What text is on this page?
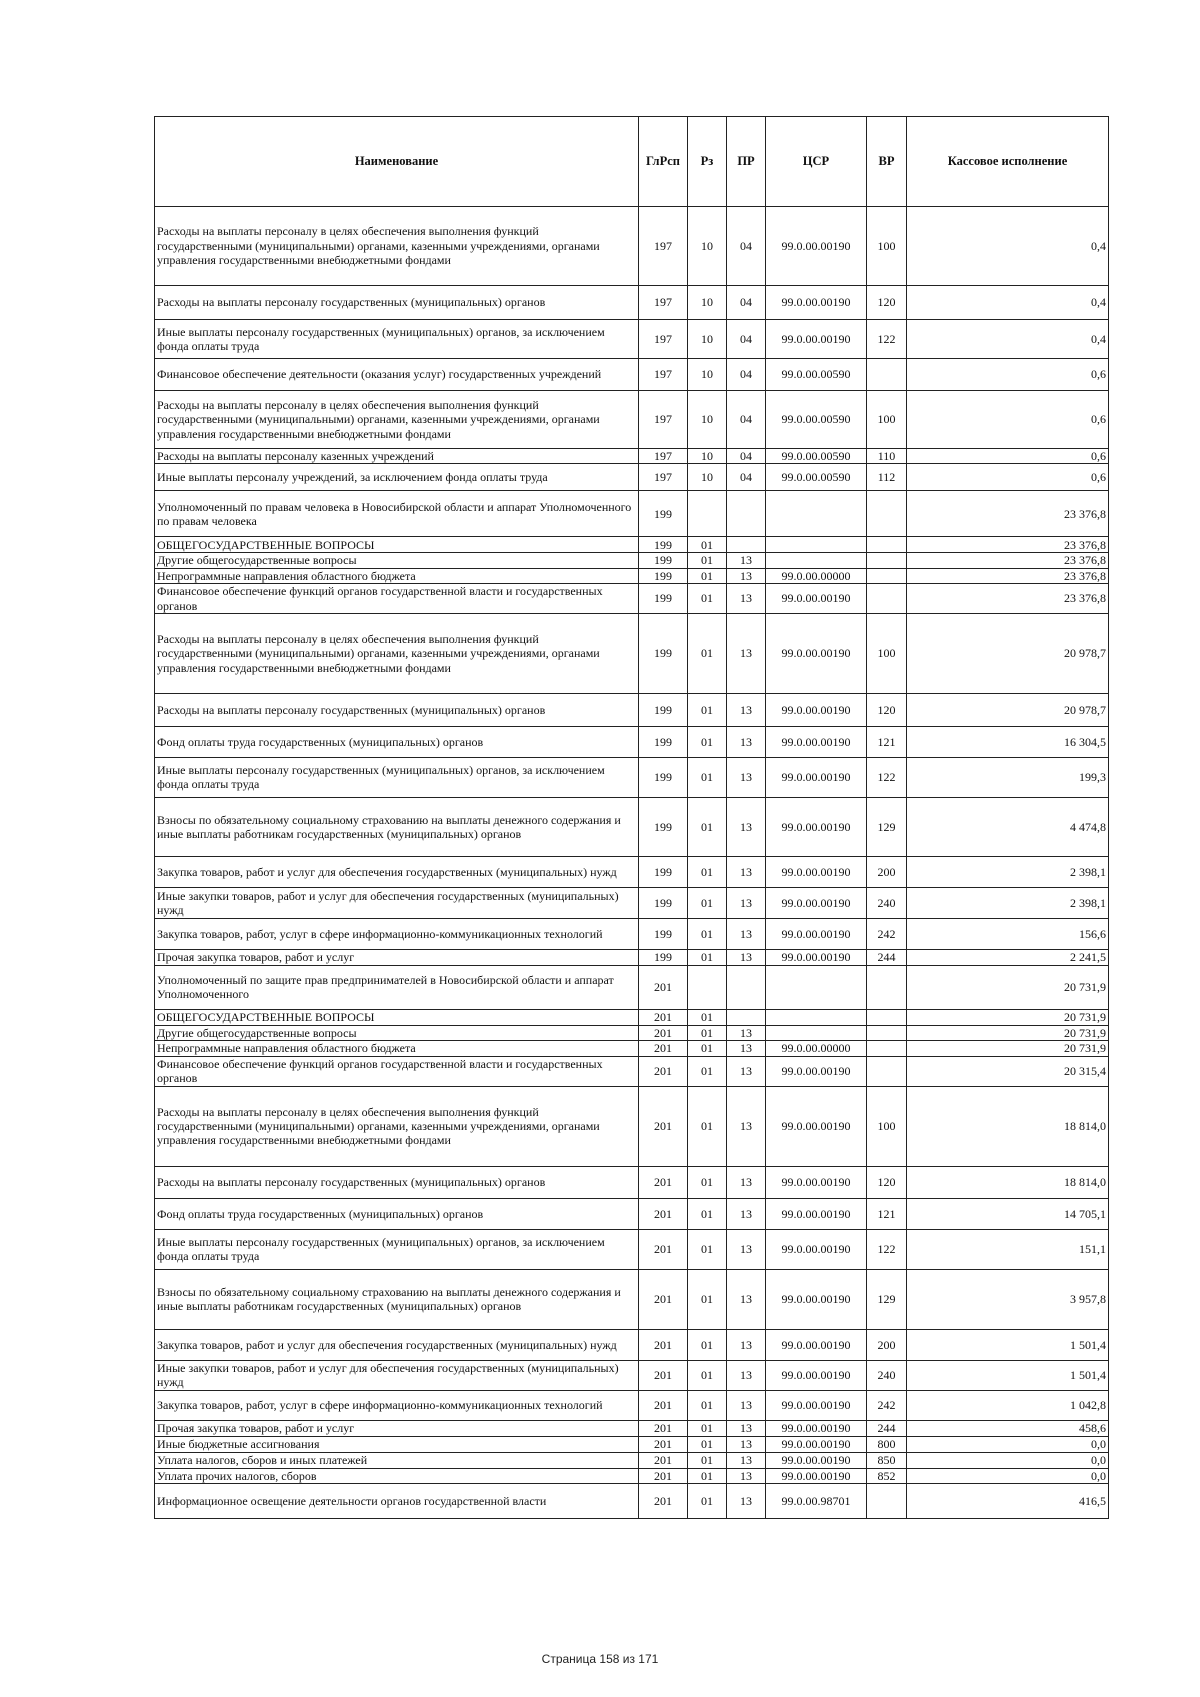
Наименование	ГлРсп	Рз	ПР	ЦСР	ВР	Кассовое исполнение
Расходы на выплаты персоналу в целях обеспечения выполнения функций государственными (муниципальными) органами, казенными учреждениями, органами управления государственными внебюджетными фондами	197	10	04	99.0.00.00190	100	0,4
Расходы на выплаты персоналу государственных (муниципальных) органов	197	10	04	99.0.00.00190	120	0,4
Иные выплаты персоналу государственных (муниципальных) органов, за исключением фонда оплаты труда	197	10	04	99.0.00.00190	122	0,4
Финансовое обеспечение деятельности (оказания услуг) государственных учреждений	197	10	04	99.0.00.00590		0,6
Расходы на выплаты персоналу в целях обеспечения выполнения функций государственными (муниципальными) органами, казенными учреждениями, органами управления государственными внебюджетными фондами	197	10	04	99.0.00.00590	100	0,6
Расходы на выплаты персоналу казенных учреждений	197	10	04	99.0.00.00590	110	0,6
Иные выплаты персоналу учреждений, за исключением фонда оплаты труда	197	10	04	99.0.00.00590	112	0,6
Уполномоченный по правам человека в Новосибирской области и аппарат Уполномоченного по правам человека	199					23 376,8
ОБЩЕГОСУДАРСТВЕННЫЕ ВОПРОСЫ	199	01				23 376,8
Другие общегосударственные вопросы	199	01	13			23 376,8
Непрограммные направления областного бюджета	199	01	13	99.0.00.00000		23 376,8
Финансовое обеспечение функций органов государственной власти и государственных органов	199	01	13	99.0.00.00190		23 376,8
Расходы на выплаты персоналу в целях обеспечения выполнения функций государственными (муниципальными) органами, казенными учреждениями, органами управления государственными внебюджетными фондами	199	01	13	99.0.00.00190	100	20 978,7
Расходы на выплаты персоналу государственных (муниципальных) органов	199	01	13	99.0.00.00190	120	20 978,7
Фонд оплаты труда государственных (муниципальных) органов	199	01	13	99.0.00.00190	121	16 304,5
Иные выплаты персоналу государственных (муниципальных) органов, за исключением фонда оплаты труда	199	01	13	99.0.00.00190	122	199,3
Взносы по обязательному социальному страхованию на выплаты денежного содержания и иные выплаты работникам государственных (муниципальных) органов	199	01	13	99.0.00.00190	129	4 474,8
Закупка товаров, работ и услуг для обеспечения государственных (муниципальных) нужд	199	01	13	99.0.00.00190	200	2 398,1
Иные закупки товаров, работ и услуг для обеспечения государственных (муниципальных) нужд	199	01	13	99.0.00.00190	240	2 398,1
Закупка товаров, работ, услуг в сфере информационно-коммуникационных технологий	199	01	13	99.0.00.00190	242	156,6
Прочая закупка товаров, работ и услуг	199	01	13	99.0.00.00190	244	2 241,5
Уполномоченный по защите прав предпринимателей в Новосибирской области и аппарат Уполномоченного	201					20 731,9
ОБЩЕГОСУДАРСТВЕННЫЕ ВОПРОСЫ	201	01				20 731,9
Другие общегосударственные вопросы	201	01	13			20 731,9
Непрограммные направления областного бюджета	201	01	13	99.0.00.00000		20 731,9
Финансовое обеспечение функций органов государственной власти и государственных органов	201	01	13	99.0.00.00190		20 315,4
Расходы на выплаты персоналу в целях обеспечения выполнения функций государственными (муниципальными) органами, казенными учреждениями, органами управления государственными внебюджетными фондами	201	01	13	99.0.00.00190	100	18 814,0
Расходы на выплаты персоналу государственных (муниципальных) органов	201	01	13	99.0.00.00190	120	18 814,0
Фонд оплаты труда государственных (муниципальных) органов	201	01	13	99.0.00.00190	121	14 705,1
Иные выплаты персоналу государственных (муниципальных) органов, за исключением фонда оплаты труда	201	01	13	99.0.00.00190	122	151,1
Взносы по обязательному социальному страхованию на выплаты денежного содержания и иные выплаты работникам государственных (муниципальных) органов	201	01	13	99.0.00.00190	129	3 957,8
Закупка товаров, работ и услуг для обеспечения государственных (муниципальных) нужд	201	01	13	99.0.00.00190	200	1 501,4
Иные закупки товаров, работ и услуг для обеспечения государственных (муниципальных) нужд	201	01	13	99.0.00.00190	240	1 501,4
Закупка товаров, работ, услуг в сфере информационно-коммуникационных технологий	201	01	13	99.0.00.00190	242	1 042,8
Прочая закупка товаров, работ и услуг	201	01	13	99.0.00.00190	244	458,6
Иные бюджетные ассигнования	201	01	13	99.0.00.00190	800	0,0
Уплата налогов, сборов и иных платежей	201	01	13	99.0.00.00190	850	0,0
Уплата прочих налогов, сборов	201	01	13	99.0.00.00190	852	0,0
Информационное освещение деятельности органов государственной власти	201	01	13	99.0.00.98701		416,5
Страница 158 из 171
